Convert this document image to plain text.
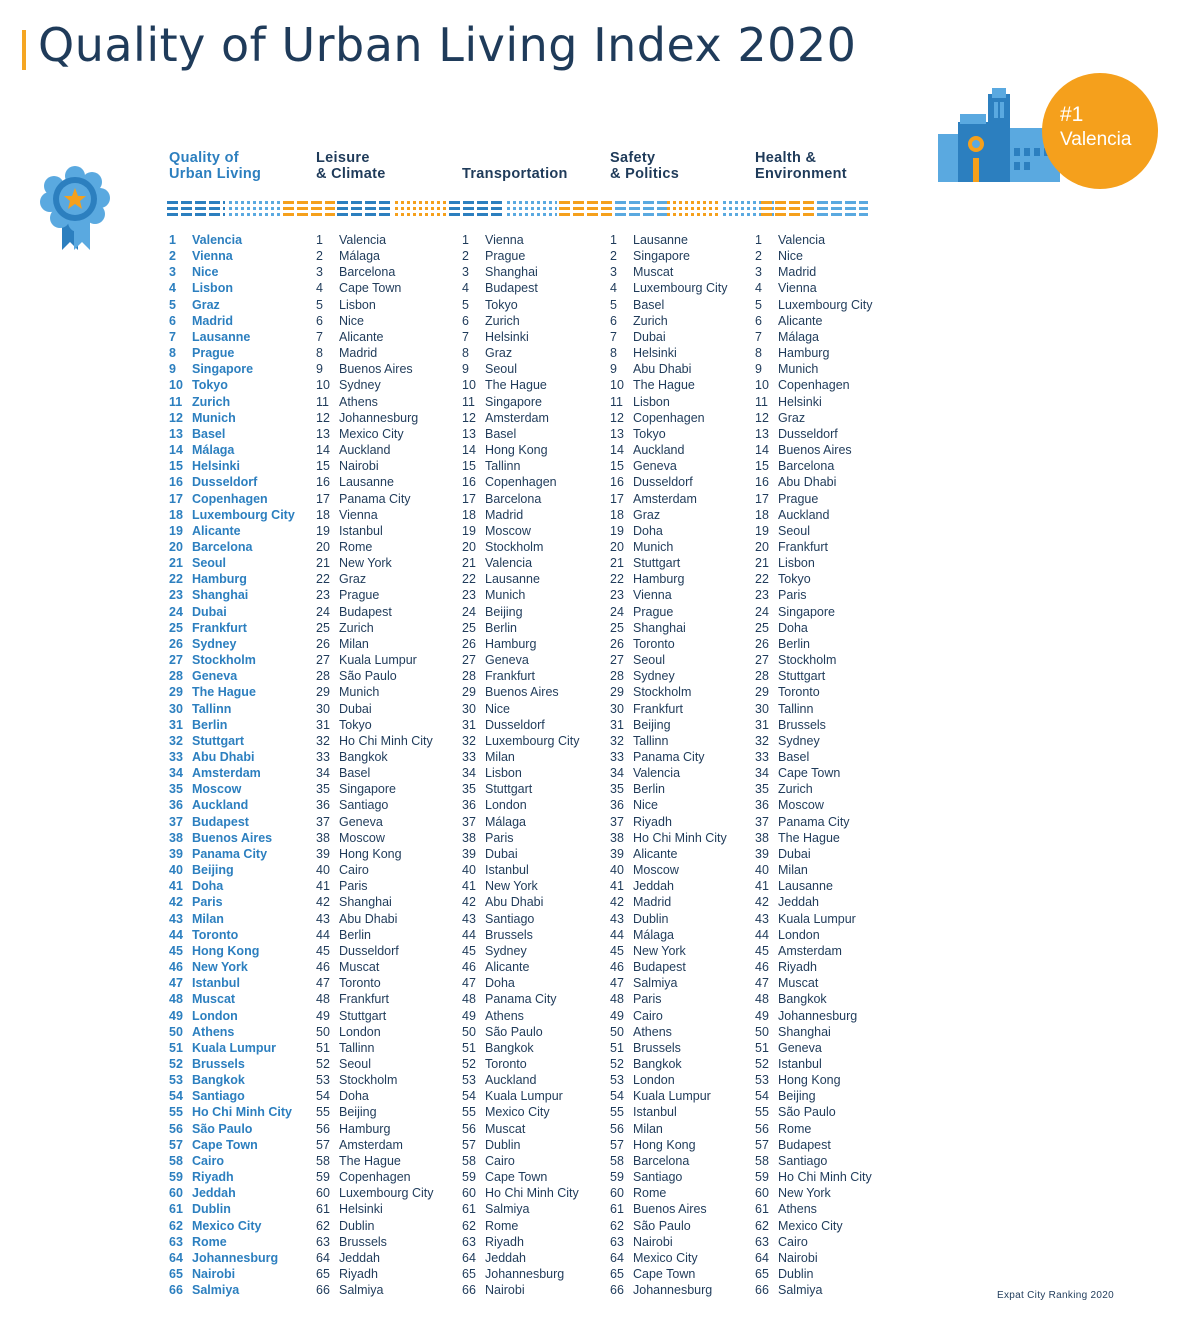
Quality of Urban Living Index 2020
#1
Valencia
Quality of
Urban Living
Leisure
& Climate
	Transportation
Safety
& Politics
Health &
Environment
1 Valencia
2 Vienna
3 Nice
4 Lisbon
5 Graz
6 Madrid
7 Lausanne
8 Prague
9 Singapore
10 Tokyo
11 Zurich
12 Munich
13 Basel
14 Málaga
15 Helsinki
16 Dusseldorf
17 Copenhagen
18 Luxembourg City
19 Alicante
20 Barcelona
21 Seoul
22 Hamburg
23 Shanghai
24 Dubai
25 Frankfurt
26 Sydney
27 Stockholm
28 Geneva
29 The Hague
30 Tallinn
31 Berlin
32 Stuttgart
33 Abu Dhabi
34 Amsterdam
35 Moscow
36 Auckland
37 Budapest
38 Buenos Aires
39 Panama City
40 Beijing
41 Doha
42 Paris
43 Milan
44 Toronto
45 Hong Kong
46 New York
47 Istanbul
48 Muscat
49 London
50 Athens
51 Kuala Lumpur
52 Brussels
53 Bangkok
54 Santiago
55 Ho Chi Minh City
56 São Paulo
57 Cape Town
58 Cairo
59 Riyadh
60 Jeddah
61 Dublin
62 Mexico City
63 Rome
64 Johannesburg
65 Nairobi
66 Salmiya
1 Valencia
2 Málaga
3 Barcelona
4 Cape Town
5 Lisbon
6 Nice
7 Alicante
8 Madrid
9 Buenos Aires
10 Sydney
11 Athens
12 Johannesburg
13 Mexico City
14 Auckland
15 Nairobi
16 Lausanne
17 Panama City
18 Vienna
19 Istanbul
20 Rome
21 New York
22 Graz
23 Prague
24 Budapest
25 Zurich
26 Milan
27 Kuala Lumpur
28 São Paulo
29 Munich
30 Dubai
31 Tokyo
32 Ho Chi Minh City
33 Bangkok
34 Basel
35 Singapore
36 Santiago
37 Geneva
38 Moscow
39 Hong Kong
40 Cairo
41 Paris
42 Shanghai
43 Abu Dhabi
44 Berlin
45 Dusseldorf
46 Muscat
47 Toronto
48 Frankfurt
49 Stuttgart
50 London
51 Tallinn
52 Seoul
53 Stockholm
54 Doha
55 Beijing
56 Hamburg
57 Amsterdam
58 The Hague
59 Copenhagen
60 Luxembourg City
61 Helsinki
62 Dublin
63 Brussels
64 Jeddah
65 Riyadh
66 Salmiya
1 Vienna
2 Prague
3 Shanghai
4 Budapest
5 Tokyo
6 Zurich
7 Helsinki
8 Graz
9 Seoul
10 The Hague
11 Singapore
12 Amsterdam
13 Basel
14 Hong Kong
15 Tallinn
16 Copenhagen
17 Barcelona
18 Madrid
19 Moscow
20 Stockholm
21 Valencia
22 Lausanne
23 Munich
24 Beijing
25 Berlin
26 Hamburg
27 Geneva
28 Frankfurt
29 Buenos Aires
30 Nice
31 Dusseldorf
32 Luxembourg City
33 Milan
34 Lisbon
35 Stuttgart
36 London
37 Málaga
38 Paris
39 Dubai
40 Istanbul
41 New York
42 Abu Dhabi
43 Santiago
44 Brussels
45 Sydney
46 Alicante
47 Doha
48 Panama City
49 Athens
50 São Paulo
51 Bangkok
52 Toronto
53 Auckland
54 Kuala Lumpur
55 Mexico City
56 Muscat
57 Dublin
58 Cairo
59 Cape Town
60 Ho Chi Minh City
61 Salmiya
62 Rome
63 Riyadh
64 Jeddah
65 Johannesburg
66 Nairobi
1 Lausanne
2 Singapore
3 Muscat
4 Luxembourg City
5 Basel
6 Zurich
7 Dubai
8 Helsinki
9 Abu Dhabi
10 The Hague
11 Lisbon
12 Copenhagen
13 Tokyo
14 Auckland
15 Geneva
16 Dusseldorf
17 Amsterdam
18 Graz
19 Doha
20 Munich
21 Stuttgart
22 Hamburg
23 Vienna
24 Prague
25 Shanghai
26 Toronto
27 Seoul
28 Sydney
29 Stockholm
30 Frankfurt
31 Beijing
32 Tallinn
33 Panama City
34 Valencia
35 Berlin
36 Nice
37 Riyadh
38 Ho Chi Minh City
39 Alicante
40 Moscow
41 Jeddah
42 Madrid
43 Dublin
44 Málaga
45 New York
46 Budapest
47 Salmiya
48 Paris
49 Cairo
50 Athens
51 Brussels
52 Bangkok
53 London
54 Kuala Lumpur
55 Istanbul
56 Milan
57 Hong Kong
58 Barcelona
59 Santiago
60 Rome
61 Buenos Aires
62 São Paulo
63 Nairobi
64 Mexico City
65 Cape Town
66 Johannesburg
1 Valencia
2 Nice
3 Madrid
4 Vienna
5 Luxembourg City
6 Alicante
7 Málaga
8 Hamburg
9 Munich
10 Copenhagen
11 Helsinki
12 Graz
13 Dusseldorf
14 Buenos Aires
15 Barcelona
16 Abu Dhabi
17 Prague
18 Auckland
19 Seoul
20 Frankfurt
21 Lisbon
22 Tokyo
23 Paris
24 Singapore
25 Doha
26 Berlin
27 Stockholm
28 Stuttgart
29 Toronto
30 Tallinn
31 Brussels
32 Sydney
33 Basel
34 Cape Town
35 Zurich
36 Moscow
37 Panama City
38 The Hague
39 Dubai
40 Milan
41 Lausanne
42 Jeddah
43 Kuala Lumpur
44 London
45 Amsterdam
46 Riyadh
47 Muscat
48 Bangkok
49 Johannesburg
50 Shanghai
51 Geneva
52 Istanbul
53 Hong Kong
54 Beijing
55 São Paulo
56 Rome
57 Budapest
58 Santiago
59 Ho Chi Minh City
60 New York
61 Athens
62 Mexico City
63 Cairo
64 Nairobi
65 Dublin
66 Salmiya	Expat City Ranking 2020
